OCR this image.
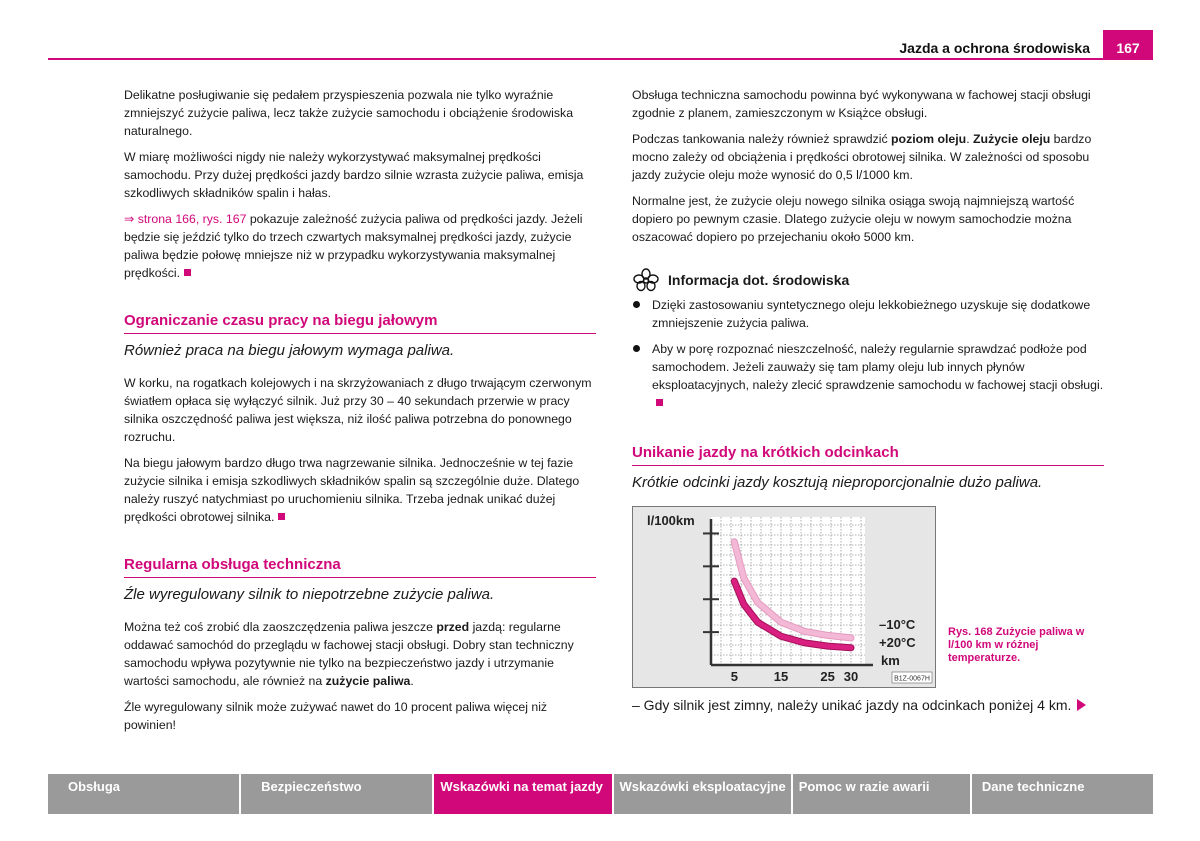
Jazda a ochrona środowiska	167

Delikatne posługiwanie się pedałem przyspieszenia pozwala nie tylko wyraźnie zmniejszyć zużycie paliwa, lecz także zużycie samochodu i obciążenie środowiska naturalnego.

W miarę możliwości nigdy nie należy wykorzystywać maksymalnej prędkości samochodu. Przy dużej prędkości jazdy bardzo silnie wzrasta zużycie paliwa, emisja szkodliwych składników spalin i hałas.

⇒ strona 166, rys. 167 pokazuje zależność zużycia paliwa od prędkości jazdy. Jeżeli będzie się jeździć tylko do trzech czwartych maksymalnej prędkości jazdy, zużycie paliwa będzie połowę mniejsze niż w przypadku wykorzystywania maksymalnej prędkości.

Ograniczanie czasu pracy na biegu jałowym
Również praca na biegu jałowym wymaga paliwa.

W korku, na rogatkach kolejowych i na skrzyżowaniach z długo trwającym czerwonym światłem opłaca się wyłączyć silnik. Już przy 30 – 40 sekundach przerwie w pracy silnika oszczędność paliwa jest większa, niż ilość paliwa potrzebna do ponownego rozruchu.

Na biegu jałowym bardzo długo trwa nagrzewanie silnika. Jednocześnie w tej fazie zużycie silnika i emisja szkodliwych składników spalin są szczególnie duże. Dlatego należy ruszyć natychmiast po uruchomieniu silnika. Trzeba jednak unikać dużej prędkości obrotowej silnika.

Regularna obsługa techniczna
Źle wyregulowany silnik to niepotrzebne zużycie paliwa.

Można też coś zrobić dla zaoszczędzenia paliwa jeszcze przed jazdą: regularne oddawać samochód do przeglądu w fachowej stacji obsługi. Dobry stan techniczny samochodu wpływa pozytywnie nie tylko na bezpieczeństwo jazdy i utrzymanie wartości samochodu, ale również na zużycie paliwa.

Źle wyregulowany silnik może zużywać nawet do 10 procent paliwa więcej niż powinien!

Obsługa techniczna samochodu powinna być wykonywana w fachowej stacji obsługi zgodnie z planem, zamieszczonym w Książce obsługi.

Podczas tankowania należy również sprawdzić poziom oleju. Zużycie oleju bardzo mocno zależy od obciążenia i prędkości obrotowej silnika. W zależności od sposobu jazdy zużycie oleju może wynosić do 0,5 l/1000 km.

Normalne jest, że zużycie oleju nowego silnika osiąga swoją najmniejszą wartość dopiero po pewnym czasie. Dlatego zużycie oleju w nowym samochodzie można oszacować dopiero po przejechaniu około 5000 km.

Informacja dot. środowiska
Dzięki zastosowaniu syntetycznego oleju lekkobieżnego uzyskuje się dodatkowe zmniejszenie zużycia paliwa.
Aby w porę rozpoznać nieszczelność, należy regularnie sprawdzać podłoże pod samochodem. Jeżeli zauważy się tam plamy oleju lub innych płynów eksploatacyjnych, należy zlecić sprawdzenie samochodu w fachowej stacji obsługi.
Unikanie jazdy na krótkich odcinkach
Krótkie odcinki jazdy kosztują nieproporcjonalnie dużo paliwa.
l/100km
–10°C
+20°C
km
5	15 25 30	B1Z-0067H
Rys. 168 Zużycie paliwa w l/100 km w różnej temperaturze.
– Gdy silnik jest zimny, należy unikać jazdy na odcinkach poniżej 4 km.
Obsługa	Bezpieczeństwo	Wskazówki na temat jazdy	Wskazówki eksploatacyjne Pomoc w razie awarii	Dane techniczne
